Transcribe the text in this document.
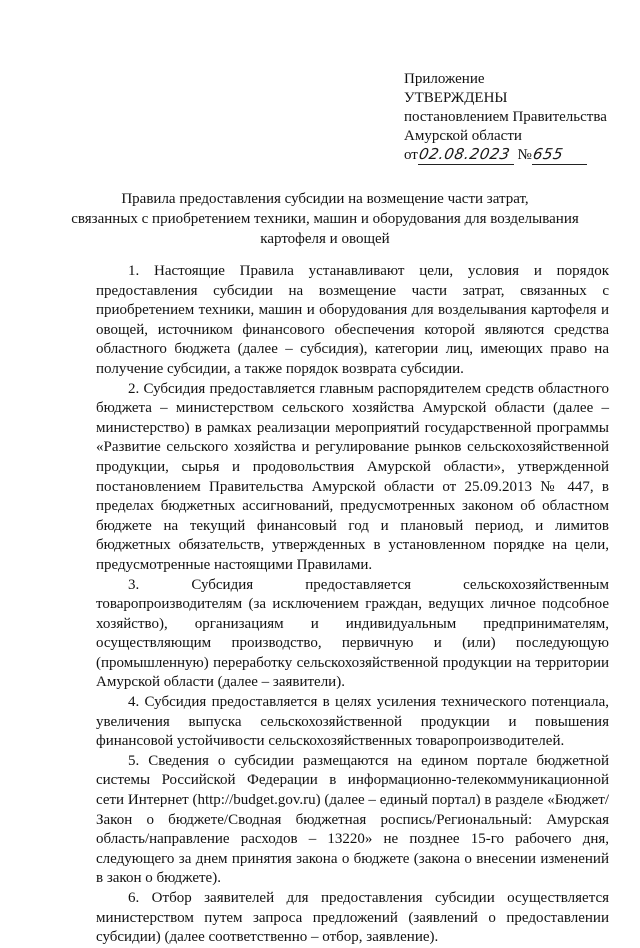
Приложение
УТВЕРЖДЕНЫ
постановлением Правительства
Амурской области
от02.08.2023 №655
Правила предоставления субсидии на возмещение части затрат,
связанных с приобретением техники, машин и оборудования для возделывания
картофеля и овощей

1. Настоящие Правила устанавливают цели, условия и порядок предоставления субсидии на возмещение части затрат, связанных с приобретением техники, машин и оборудования для возделывания картофеля и овощей, источником финансового обеспечения которой являются средства областного бюджета (далее – субсидия), категории лиц, имеющих право на получение субсидии, а также порядок возврата субсидии.

2. Субсидия предоставляется главным распорядителем средств областного бюджета – министерством сельского хозяйства Амурской области (далее – министерство) в рамках реализации мероприятий государственной программы «Развитие сельского хозяйства и регулирование рынков сельскохозяйственной продукции, сырья и продовольствия Амурской области», утвержденной постановлением Правительства Амурской области от 25.09.2013 № 447, в пределах бюджетных ассигнований, предусмотренных законом об областном бюджете на текущий финансовый год и плановый период, и лимитов бюджетных обязательств, утвержденных в установленном порядке на цели, предусмотренные настоящими Правилами.

3. Субсидия предоставляется сельскохозяйственным товаропроизводителям (за исключением граждан, ведущих личное подсобное хозяйство), организациям и индивидуальным предпринимателям, осуществляющим производство, первичную и (или) последующую (промышленную) переработку сельскохозяйственной продукции на территории Амурской области (далее – заявители).

4. Субсидия предоставляется в целях усиления технического потенциала, увеличения выпуска сельскохозяйственной продукции и повышения финансовой устойчивости сельскохозяйственных товаропроизводителей.

5. Сведения о субсидии размещаются на едином портале бюджетной системы Российской Федерации в информационно-телекоммуникационной сети Интернет (http://budget.gov.ru) (далее – единый портал) в разделе «Бюджет/Закон о бюджете/Сводная бюджетная роспись/Региональный: Амурская область/направление расходов – 13220» не позднее 15-го рабочего дня, следующего за днем принятия закона о бюджете (закона о внесении изменений в закон о бюджете).

6. Отбор заявителей для предоставления субсидии осуществляется министерством путем запроса предложений (заявлений о предоставлении субсидии) (далее соответственно – отбор, заявление).
